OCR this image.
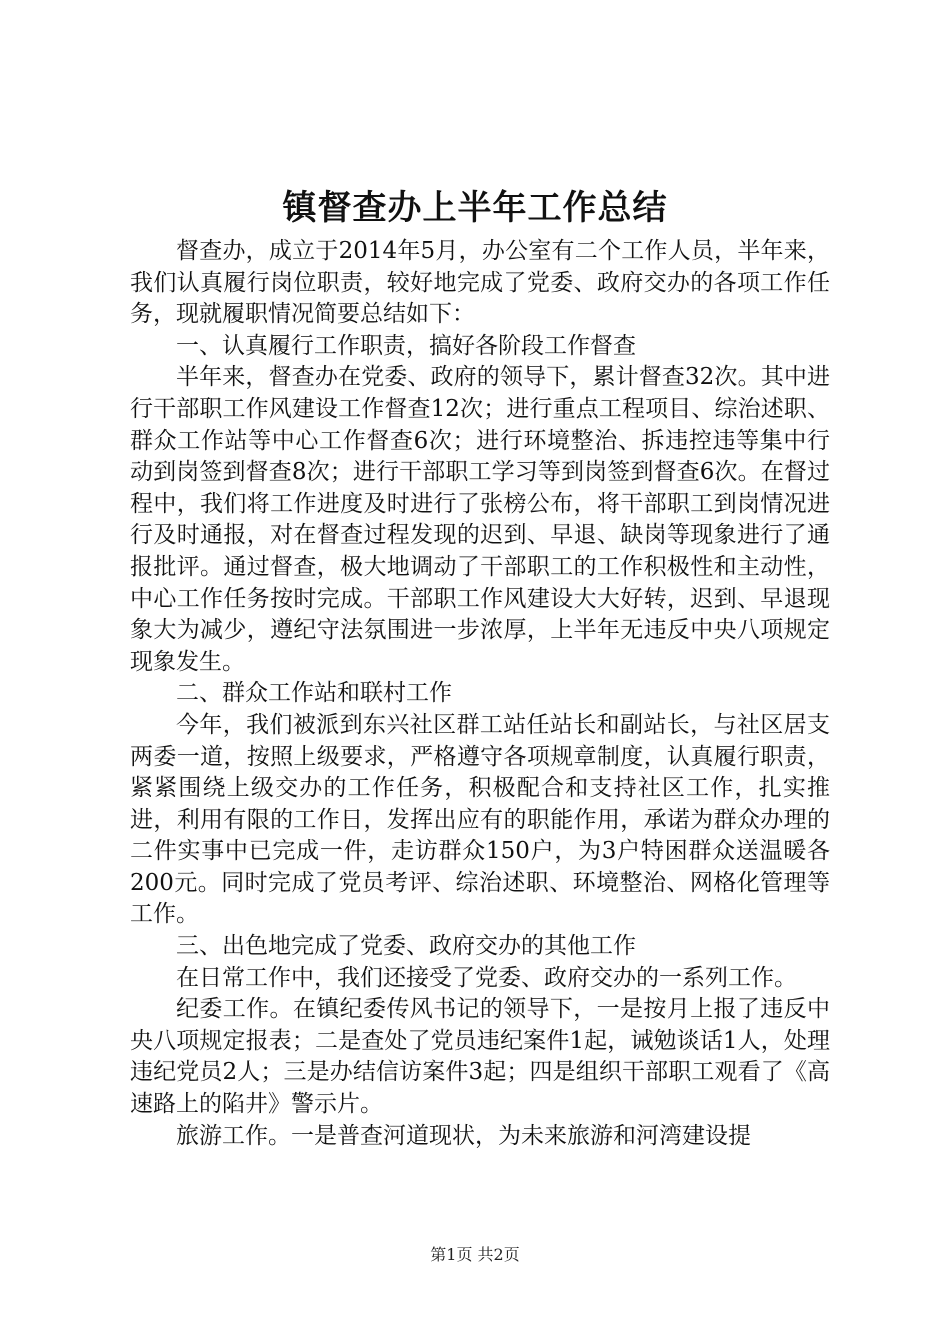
镇督查办上半年工作总结

督查办，成立于2014年5月，办公室有二个工作人员，半年来，我们认真履行岗位职责，较好地完成了党委、政府交办的各项工作任务，现就履职情况简要总结如下：

一、认真履行工作职责，搞好各阶段工作督查

半年来，督查办在党委、政府的领导下，累计督查32次。其中进行干部职工作风建设工作督查12次；进行重点工程项目、综治述职、群众工作站等中心工作督查6次；进行环境整治、拆违控违等集中行动到岗签到督查8次；进行干部职工学习等到岗签到督查6次。在督过程中，我们将工作进度及时进行了张榜公布，将干部职工到岗情况进行及时通报，对在督查过程发现的迟到、早退、缺岗等现象进行了通报批评。通过督查，极大地调动了干部职工的工作积极性和主动性，中心工作任务按时完成。干部职工作风建设大大好转，迟到、早退现象大为减少，遵纪守法氛围进一步浓厚，上半年无违反中央八项规定现象发生。

二、群众工作站和联村工作

今年，我们被派到东兴社区群工站任站长和副站长，与社区居支两委一道，按照上级要求，严格遵守各项规章制度，认真履行职责，紧紧围绕上级交办的工作任务，积极配合和支持社区工作，扎实推进，利用有限的工作日，发挥出应有的职能作用，承诺为群众办理的二件实事中已完成一件，走访群众150户，为3户特困群众送温暖各200元。同时完成了党员考评、综治述职、环境整治、网格化管理等工作。

三、出色地完成了党委、政府交办的其他工作

在日常工作中，我们还接受了党委、政府交办的一系列工作。

纪委工作。在镇纪委传风书记的领导下，一是按月上报了违反中央八项规定报表；二是查处了党员违纪案件1起，诫勉谈话1人，处理违纪党员2人；三是办结信访案件3起；四是组织干部职工观看了《高速路上的陷井》警示片。

旅游工作。一是普查河道现状，为未来旅游和河湾建设提

第1页 共2页
